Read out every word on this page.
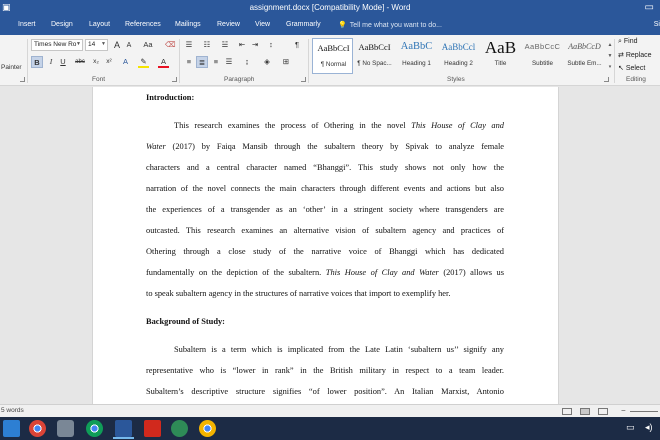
▣	assignment.docx [Compatibility Mode] - Word	▭
Insert Design Layout References Mailings Review View Grammarly 💡 Tell me what you want to do...	Si
Painter
Times New Ro ▼	14 ▼ A A	Aa	⌫
B	I	U	abc	x₂	x²	A	✎	A
Font
☰ ☷ ☱ ⇤ ⇥	↕	¶
≡	≣	≡ ☰	↨	◈ ⊞
Paragraph	Styles
⌕ Find
⇄ Replace
↖ Select
Editing
AaBbCcI
¶ Normal
AaBbCcI
¶ No Spac...
AaBbC
Heading 1
AaBbCcl
Heading 2
AaB
Title
AaBbCcC
Subtitle
AaBbCcD
Subtle Em...
▲
▼
▾
Introduction:
This research examines the process of Othering in the novel This House of Clay and
Water (2017) by Faiqa Mansib through the subaltern theory by Spivak to analyze female
characters and a central character named “Bhanggi”. This study shows not only how the
narration of the novel connects the main characters through different events and actions but also
the experiences of a transgender as an ‘other’ in a stringent society where transgenders are
outcasted. This research examines an alternative vision of subaltern agency and practices of
Othering through a close study of the narrative voice of Bhanggi which has dedicated
fundamentally on the depiction of the subaltern. This House of Clay and Water (2017) allows us
to speak subaltern agency in the structures of narrative voices that import to exemplify her.
Background of Study:
Subaltern is a term which is implicated from the Late Latin ‘subaltern us’’ signify any
representative who is “lower in rank” in the British military in respect to a team leader.
Subaltern’s descriptive structure signifies “of lower position”. An Italian Marxist, Antonio
5 words	−
▭ ◂)
